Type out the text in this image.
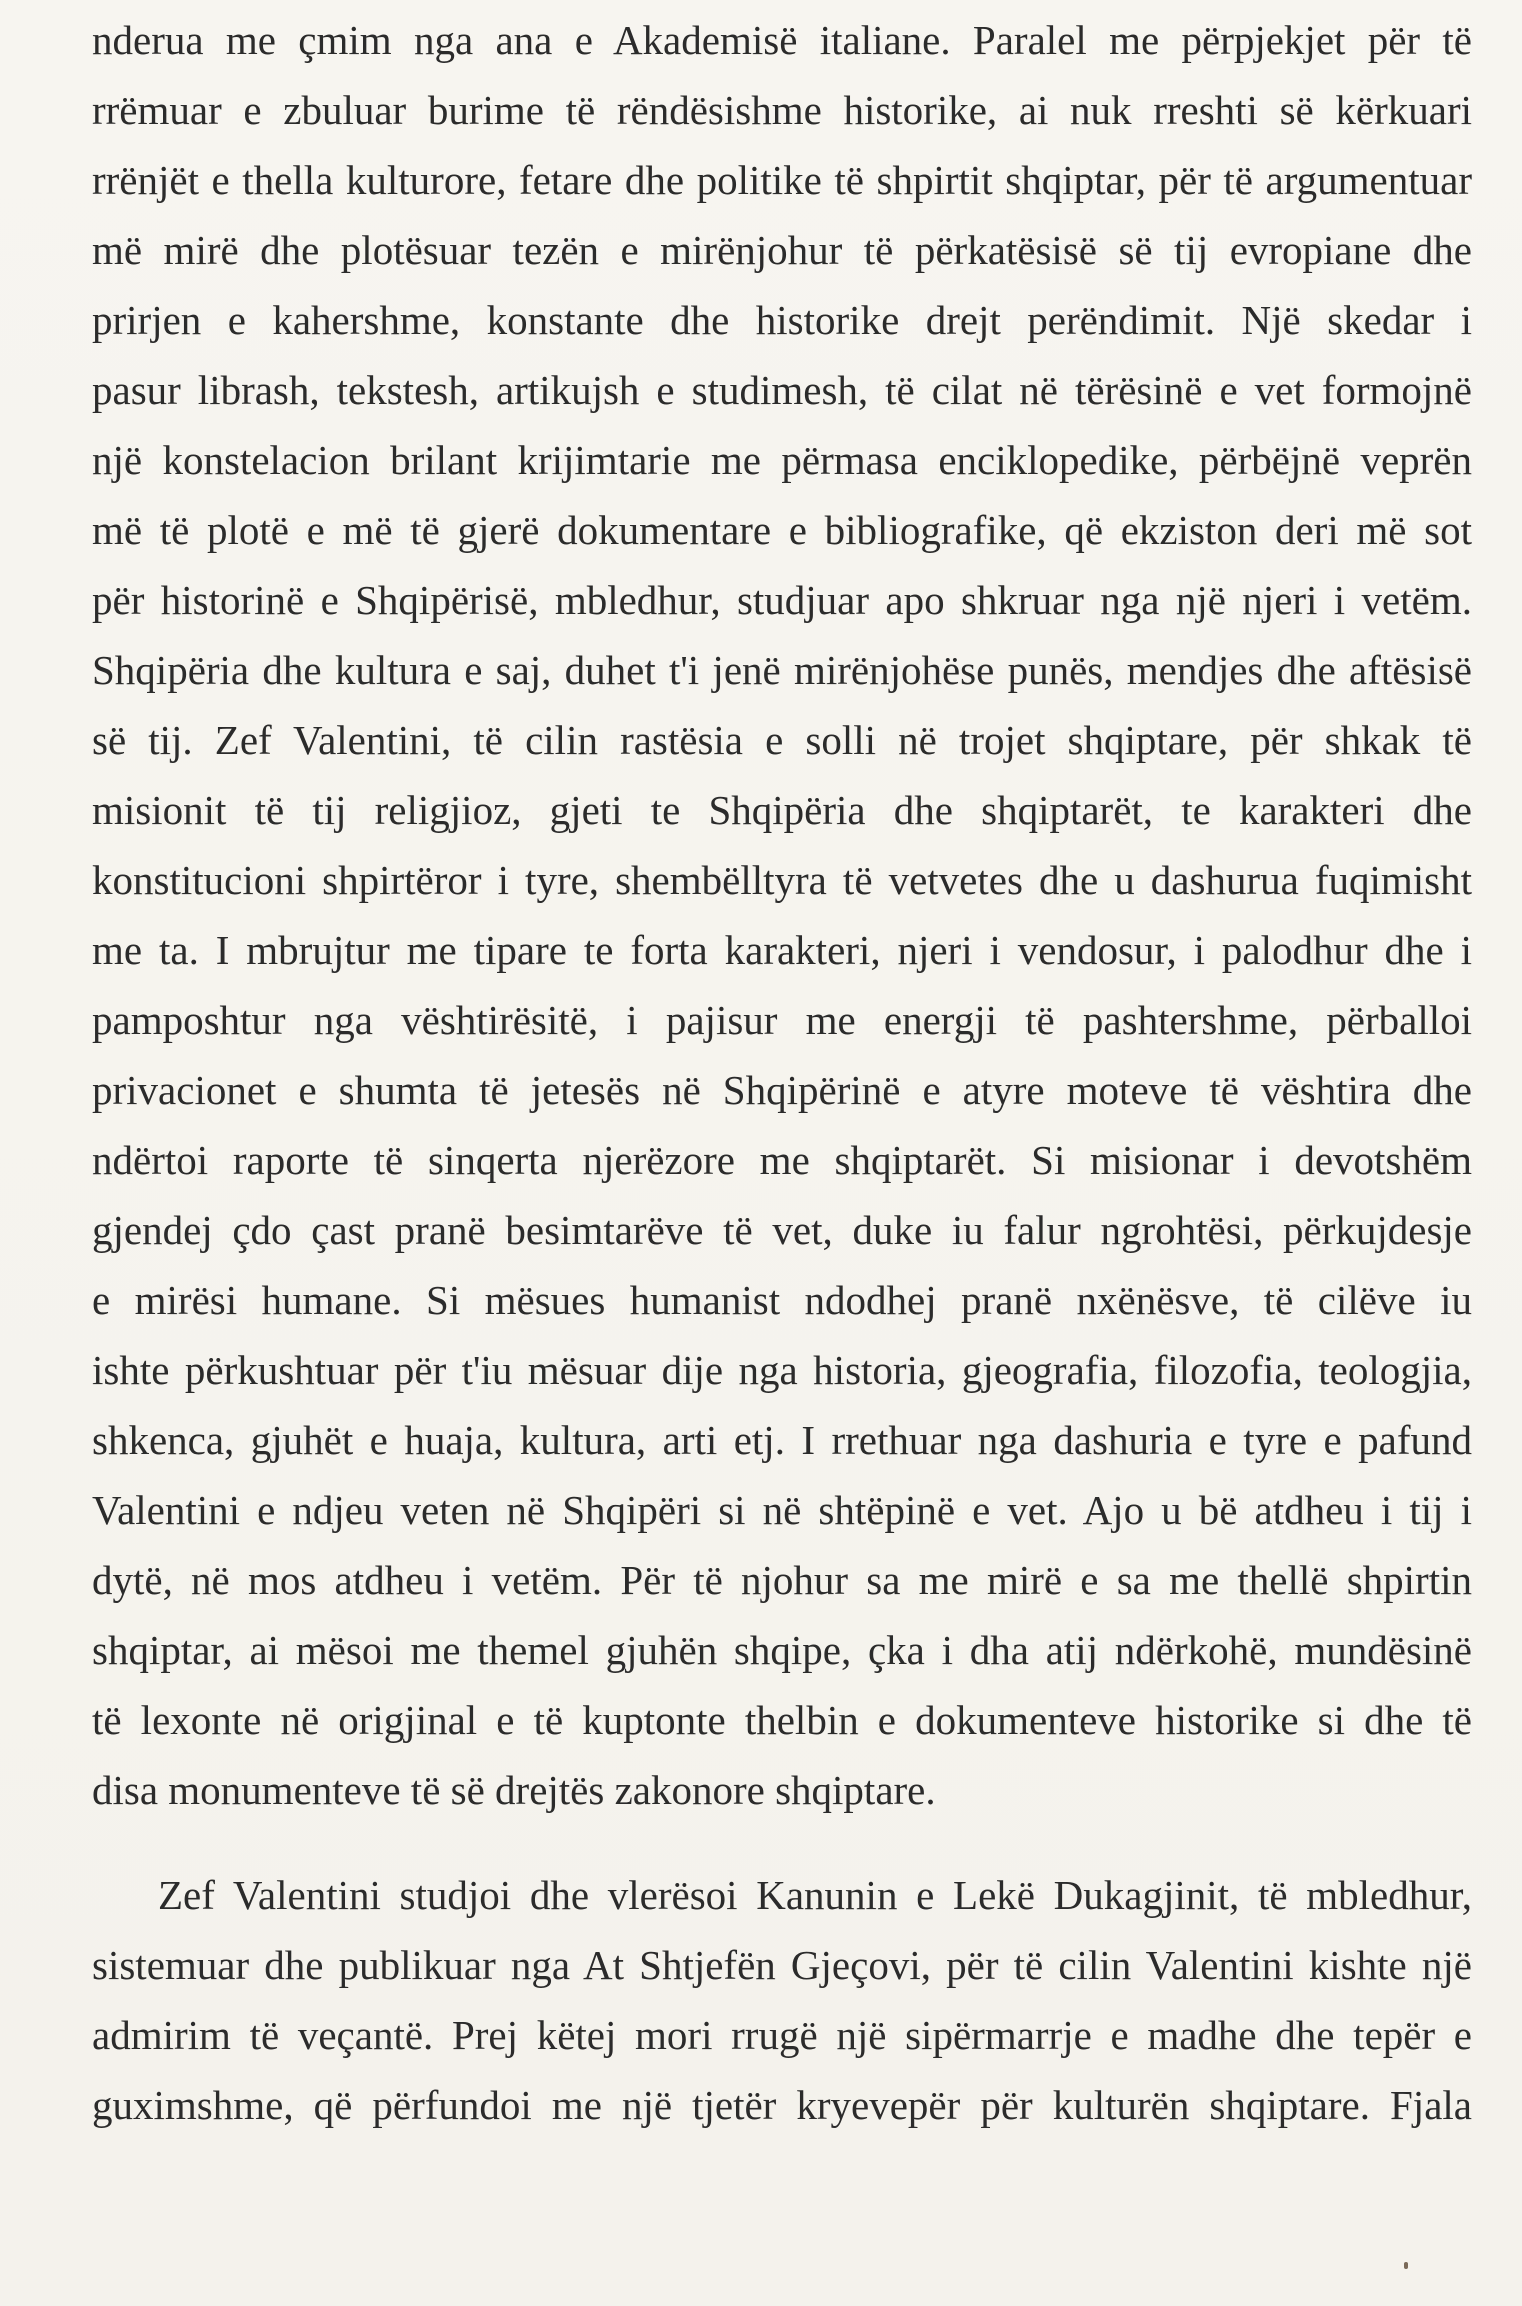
nderua me çmim nga ana e Akademisë italiane. Paralel me përpjekjet për të
rrëmuar e zbuluar burime të rëndësishme historike, ai nuk rreshti së kërkuari
rrënjët e thella kulturore, fetare dhe politike të shpirtit shqiptar, për të argumentuar
më mirë dhe plotësuar tezën e mirënjohur të përkatësisë së tij evropiane dhe
prirjen e kahershme, konstante dhe historike drejt perëndimit. Një skedar i
pasur librash, tekstesh, artikujsh e studimesh, të cilat në tërësinë e vet formojnë
një konstelacion brilant krijimtarie me përmasa enciklopedike, përbëjnë veprën
më të plotë e më të gjerë dokumentare e bibliografike, që ekziston deri më sot
për historinë e Shqipërisë, mbledhur, studjuar apo shkruar nga një njeri i vetëm.
Shqipëria dhe kultura e saj, duhet t'i jenë mirënjohëse punës, mendjes dhe aftësisë
së tij. Zef Valentini, të cilin rastësia e solli në trojet shqiptare, për shkak të
misionit të tij religjioz, gjeti te Shqipëria dhe shqiptarët, te karakteri dhe
konstitucioni shpirtëror i tyre, shembëlltyra të vetvetes dhe u dashurua fuqimisht
me ta. I mbrujtur me tipare te forta karakteri, njeri i vendosur, i palodhur dhe i
pamposhtur nga vështirësitë, i pajisur me energji të pashtershme, përballoi
privacionet e shumta të jetesës në Shqipërinë e atyre moteve të vështira dhe
ndërtoi raporte të sinqerta njerëzore me shqiptarët. Si misionar i devotshëm
gjendej çdo çast pranë besimtarëve të vet, duke iu falur ngrohtësi, përkujdesje
e mirësi humane. Si mësues humanist ndodhej pranë nxënësve, të cilëve iu
ishte përkushtuar për t'iu mësuar dije nga historia, gjeografia, filozofia, teologjia,
shkenca, gjuhët e huaja, kultura, arti etj. I rrethuar nga dashuria e tyre e pafund
Valentini e ndjeu veten në Shqipëri si në shtëpinë e vet. Ajo u bë atdheu i tij i
dytë, në mos atdheu i vetëm. Për të njohur sa me mirë e sa me thellë shpirtin
shqiptar, ai mësoi me themel gjuhën shqipe, çka i dha atij ndërkohë, mundësinë
të lexonte në origjinal e të kuptonte thelbin e dokumenteve historike si dhe të
disa monumenteve të së drejtës zakonore shqiptare.
Zef Valentini studjoi dhe vlerësoi Kanunin e Lekë Dukagjinit, të mbledhur,
sistemuar dhe publikuar nga At Shtjefën Gjeçovi, për të cilin Valentini kishte një
admirim të veçantë. Prej këtej mori rrugë një sipërmarrje e madhe dhe tepër e
guximshme, që përfundoi me një tjetër kryevepër për kulturën shqiptare. Fjala
